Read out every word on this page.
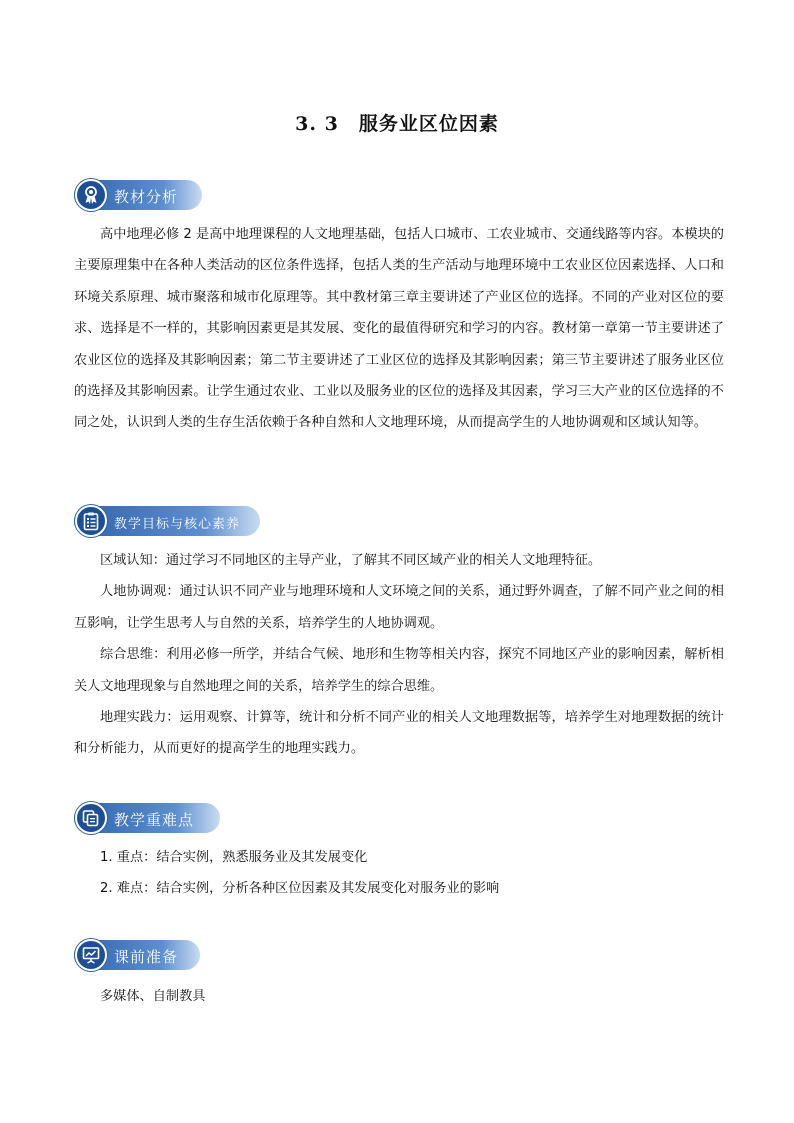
3. 3　服务业区位因素
教材分析

高中地理必修 2 是高中地理课程的人文地理基础，包括人口城市、工农业城市、交通线路等内容。本模块的主要原理集中在各种人类活动的区位条件选择，包括人类的生产活动与地理环境中工农业区位因素选择、人口和环境关系原理、城市聚落和城市化原理等。其中教材第三章主要讲述了产业区位的选择。不同的产业对区位的要求、选择是不一样的，其影响因素更是其发展、变化的最值得研究和学习的内容。教材第一章第一节主要讲述了农业区位的选择及其影响因素；第二节主要讲述了工业区位的选择及其影响因素；第三节主要讲述了服务业区位的选择及其影响因素。让学生通过农业、工业以及服务业的区位的选择及其因素，学习三大产业的区位选择的不同之处，认识到人类的生存生活依赖于各种自然和人文地理环境，从而提高学生的人地协调观和区域认知等。

教学目标与核心素养

区域认知：通过学习不同地区的主导产业，了解其不同区域产业的相关人文地理特征。

人地协调观：通过认识不同产业与地理环境和人文环境之间的关系，通过野外调查，了解不同产业之间的相互影响，让学生思考人与自然的关系，培养学生的人地协调观。

综合思维：利用必修一所学，并结合气候、地形和生物等相关内容，探究不同地区产业的影响因素，解析相关人文地理现象与自然地理之间的关系，培养学生的综合思维。

地理实践力：运用观察、计算等，统计和分析不同产业的相关人文地理数据等，培养学生对地理数据的统计和分析能力，从而更好的提高学生的地理实践力。

教学重难点

1. 重点：结合实例，熟悉服务业及其发展变化

2. 难点：结合实例，分析各种区位因素及其发展变化对服务业的影响

课前准备

多媒体、自制教具
